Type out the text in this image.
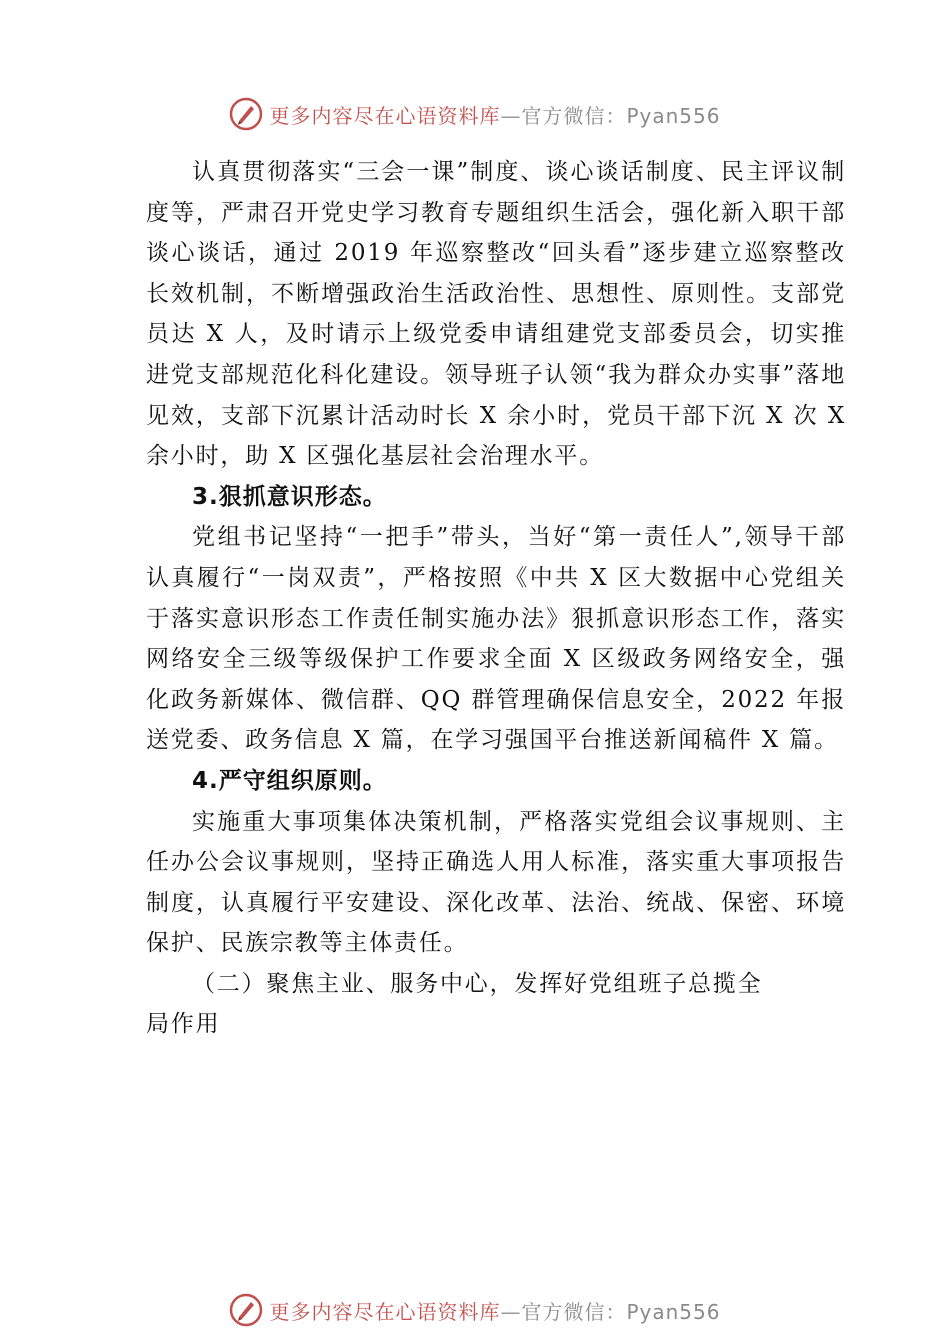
更多内容尽在心语资料库—官方微信：Pyan556

认真贯彻落实“三会一课”制度、谈心谈话制度、民主评议制度等，严肃召开党史学习教育专题组织生活会，强化新入职干部谈心谈话，通过 2019 年巡察整改“回头看”逐步建立巡察整改长效机制，不断增强政治生活政治性、思想性、原则性。支部党员达 X 人，及时请示上级党委申请组建党支部委员会，切实推进党支部规范化科化建设。领导班子认领“我为群众办实事”落地见效，支部下沉累计活动时长 X 余小时，党员干部下沉 X 次 X 余小时，助 X 区强化基层社会治理水平。

3.狠抓意识形态。

党组书记坚持“一把手”带头，当好“第一责任人”,领导干部认真履行“一岗双责”，严格按照《中共 X 区大数据中心党组关于落实意识形态工作责任制实施办法》狠抓意识形态工作，落实网络安全三级等级保护工作要求全面 X 区级政务网络安全，强化政务新媒体、微信群、QQ 群管理确保信息安全，2022 年报送党委、政务信息 X 篇，在学习强国平台推送新闻稿件 X 篇。

4.严守组织原则。

实施重大事项集体决策机制，严格落实党组会议事规则、主任办公会议事规则，坚持正确选人用人标准，落实重大事项报告制度，认真履行平安建设、深化改革、法治、统战、保密、环境保护、民族宗教等主体责任。

（二）聚焦主业、服务中心，发挥好党组班子总揽全局作用

更多内容尽在心语资料库—官方微信：Pyan556
